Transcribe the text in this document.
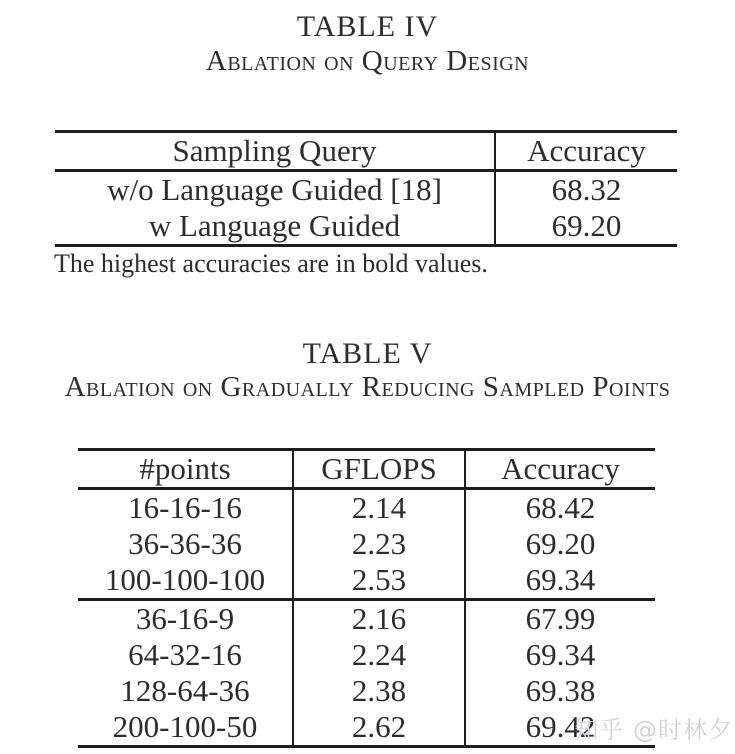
TABLE IV
Ablation on Query Design
Sampling Query	Accuracy
w/o Language Guided [18]	68.32
w Language Guided	69.20
The highest accuracies are in bold values.
TABLE V
Ablation on Gradually Reducing Sampled Points
#points	GFLOPS	Accuracy
16-16-16	2.14	68.42
36-36-36	2.23	69.20
100-100-100	2.53	69.34
36-16-9	2.16	67.99
64-32-16	2.24	69.34
128-64-36	2.38	69.38
200-100-50	2.62	69.42
知乎 @时林夕
